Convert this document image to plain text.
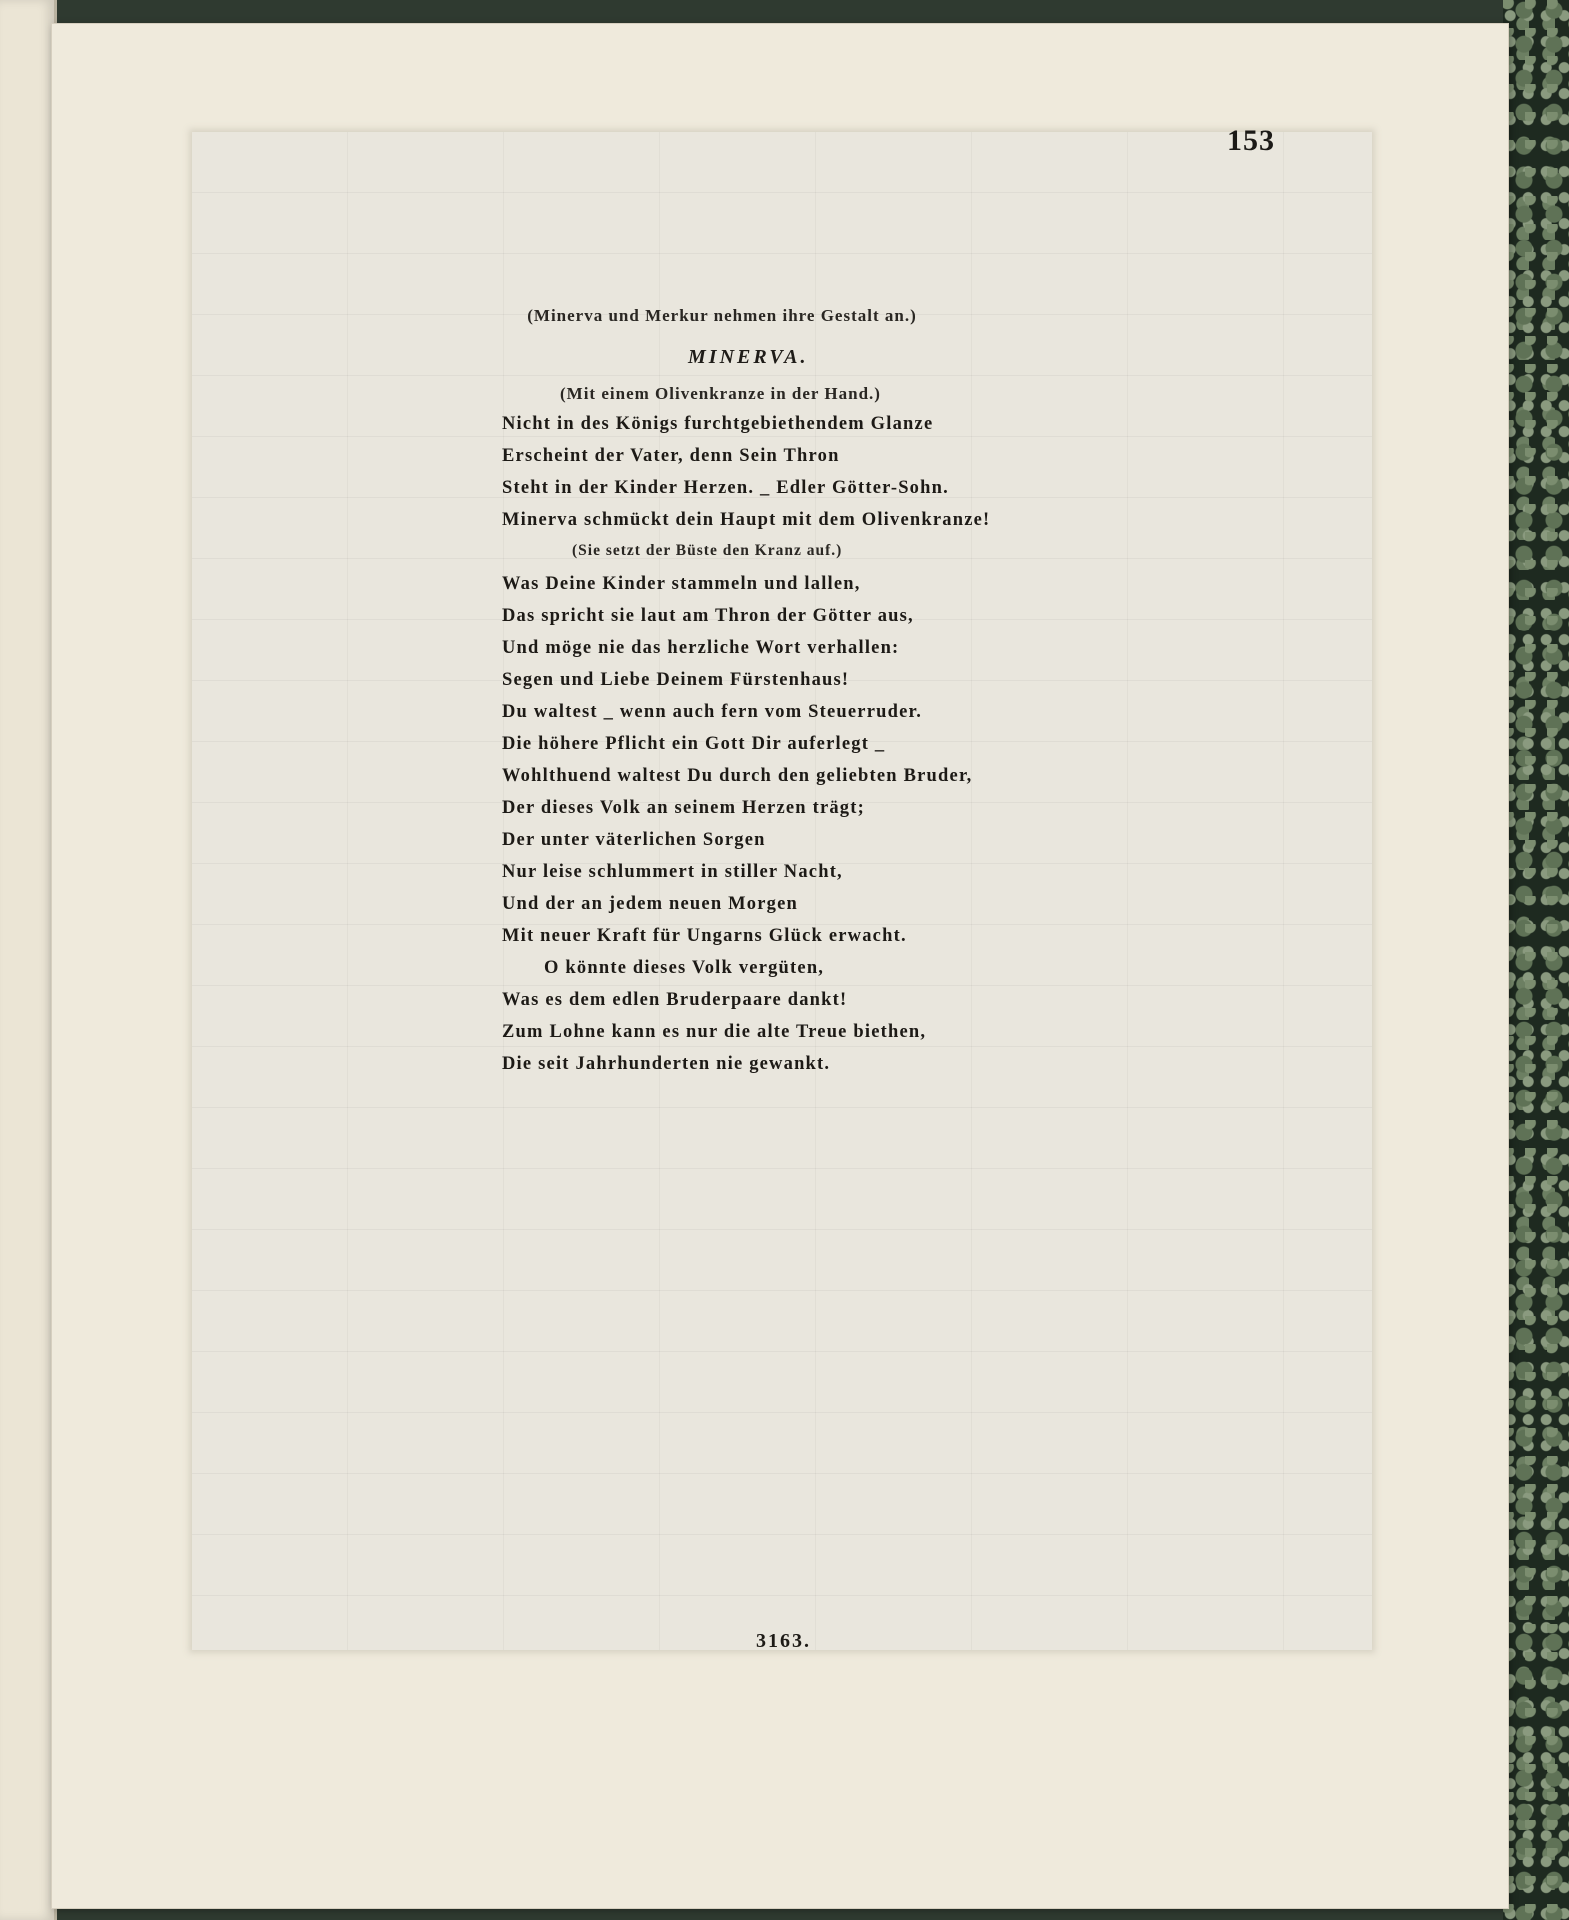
153
(Minerva und Merkur nehmen ihre Gestalt an.)
MINERVA.
(Mit einem Olivenkranze in der Hand.)
Nicht in des Königs furchtgebiethendem Glanze
Erscheint der Vater, denn Sein Thron
Steht in der Kinder Herzen. _ Edler Götter-Sohn.
Minerva schmückt dein Haupt mit dem Olivenkranze!
(Sie setzt der Büste den Kranz auf.)
Was Deine Kinder stammeln und lallen,
Das spricht sie laut am Thron der Götter aus,
Und möge nie das herzliche Wort verhallen:
Segen und Liebe Deinem Fürstenhaus!
Du waltest _ wenn auch fern vom Steuerruder.
Die höhere Pflicht ein Gott Dir auferlegt _
Wohlthuend waltest Du durch den geliebten Bruder,
Der dieses Volk an seinem Herzen trägt;
Der unter väterlichen Sorgen
Nur leise schlummert in stiller Nacht,
Und der an jedem neuen Morgen
Mit neuer Kraft für Ungarns Glück erwacht.
O könnte dieses Volk vergüten,
Was es dem edlen Bruderpaare dankt!
Zum Lohne kann es nur die alte Treue biethen,
Die seit Jahrhunderten nie gewankt.
3163.
